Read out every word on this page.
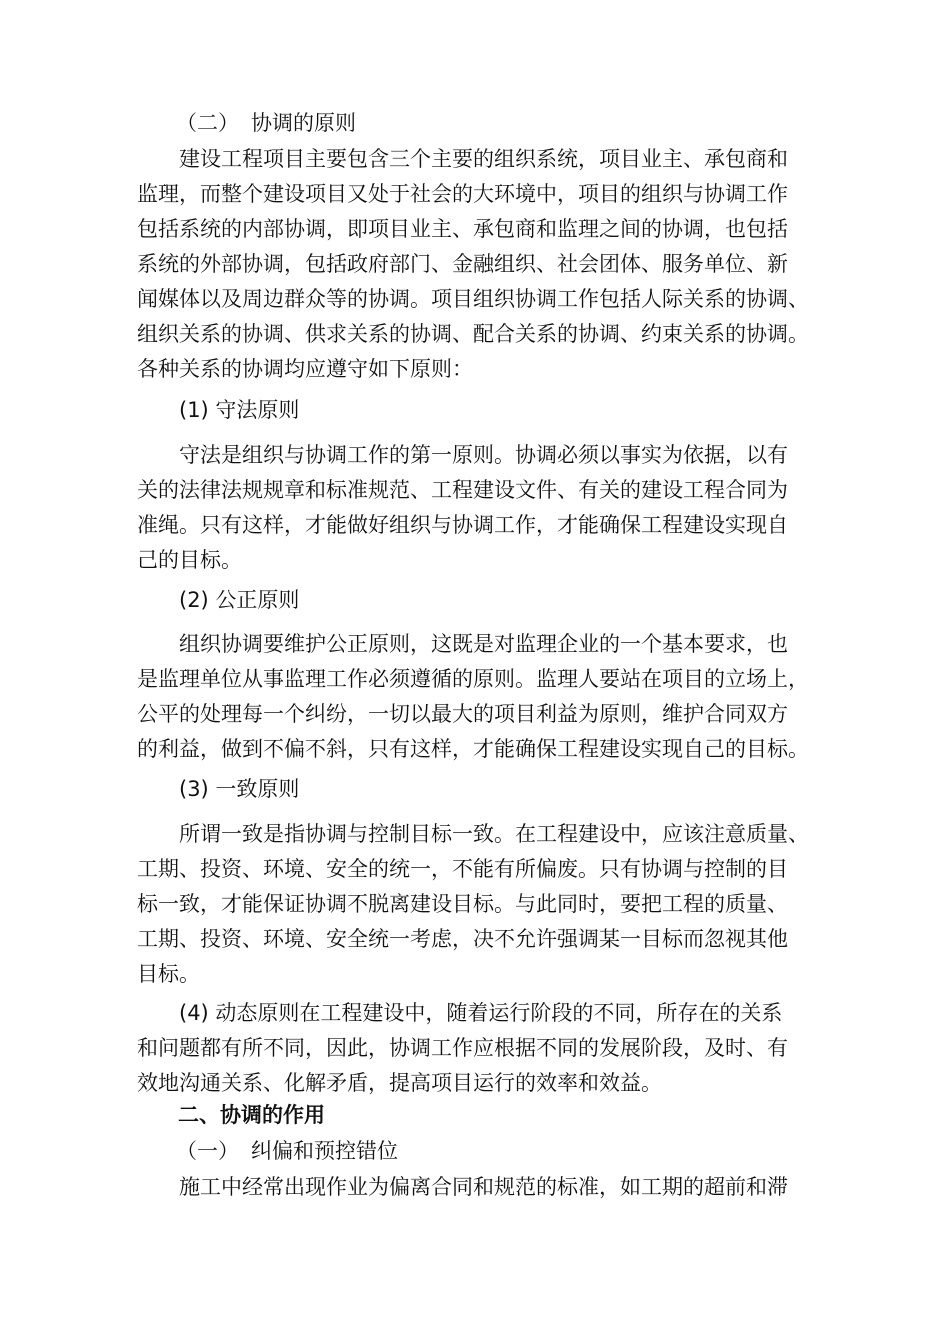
（二） 协调的原则

建设工程项目主要包含三个主要的组织系统，项目业主、承包商和

监理，而整个建设项目又处于社会的大环境中，项目的组织与协调工作

包括系统的内部协调，即项目业主、承包商和监理之间的协调，也包括

系统的外部协调，包括政府部门、金融组织、社会团体、服务单位、新

闻媒体以及周边群众等的协调。项目组织协调工作包括人际关系的协调、

组织关系的协调、供求关系的协调、配合关系的协调、约束关系的协调。

各种关系的协调均应遵守如下原则：

(1) 守法原则

守法是组织与协调工作的第一原则。协调必须以事实为依据，以有

关的法律法规规章和标准规范、工程建设文件、有关的建设工程合同为

准绳。只有这样，才能做好组织与协调工作，才能确保工程建设实现自

己的目标。

(2) 公正原则

组织协调要维护公正原则，这既是对监理企业的一个基本要求，也

是监理单位从事监理工作必须遵循的原则。监理人要站在项目的立场上，

公平的处理每一个纠纷，一切以最大的项目利益为原则，维护合同双方

的利益，做到不偏不斜，只有这样，才能确保工程建设实现自己的目标。

(3) 一致原则

所谓一致是指协调与控制目标一致。在工程建设中，应该注意质量、

工期、投资、环境、安全的统一，不能有所偏废。只有协调与控制的目

标一致，才能保证协调不脱离建设目标。与此同时，要把工程的质量、

工期、投资、环境、安全统一考虑，决不允许强调某一目标而忽视其他

目标。

(4) 动态原则在工程建设中，随着运行阶段的不同，所存在的关系

和问题都有所不同，因此，协调工作应根据不同的发展阶段，及时、有

效地沟通关系、化解矛盾，提高项目运行的效率和效益。

二、协调的作用
（一） 纠偏和预控错位

施工中经常出现作业为偏离合同和规范的标准，如工期的超前和滞
